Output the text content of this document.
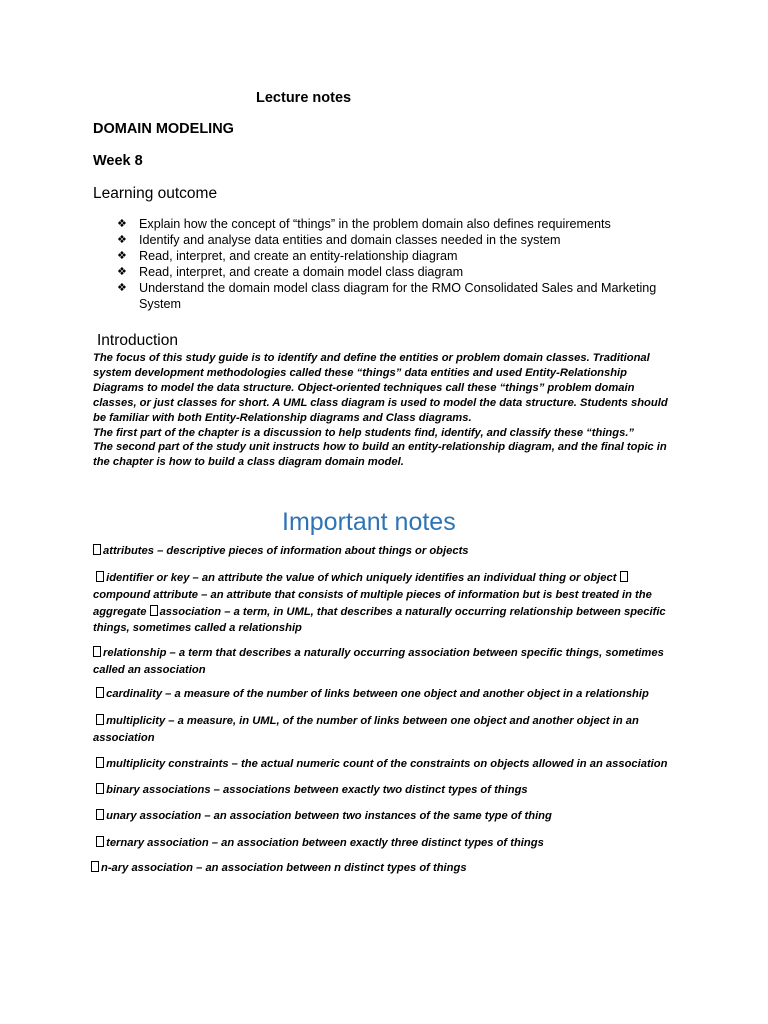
Lecture notes
DOMAIN MODELING
Week 8
Learning outcome
❖ Explain how the concept of “things” in the problem domain also defines requirements
❖ Identify and analyse data entities and domain classes needed in the system
❖ Read, interpret, and create an entity-relationship diagram
❖ Read, interpret, and create a domain model class diagram
❖ Understand the domain model class diagram for the RMO Consolidated Sales and Marketing System
Introduction
The focus of this study guide is to identify and define the entities or problem domain classes. Traditional system development methodologies called these “things” data entities and used Entity-Relationship Diagrams to model the data structure. Object-oriented techniques call these “things” problem domain classes, or just classes for short. A UML class diagram is used to model the data structure. Students should be familiar with both Entity-Relationship diagrams and Class diagrams.
The first part of the chapter is a discussion to help students find, identify, and classify these “things.”
The second part of the study unit instructs how to build an entity-relationship diagram, and the final topic in the chapter is how to build a class diagram domain model.
Important notes
attributes – descriptive pieces of information about things or objects
identifier or key – an attribute the value of which uniquely identifies an individual thing or object compound attribute – an attribute that consists of multiple pieces of information but is best treated in the aggregate association – a term, in UML, that describes a naturally occurring relationship between specific things, sometimes called a relationship
relationship – a term that describes a naturally occurring association between specific things, sometimes called an association
cardinality – a measure of the number of links between one object and another object in a relationship
multiplicity – a measure, in UML, of the number of links between one object and another object in an association
multiplicity constraints – the actual numeric count of the constraints on objects allowed in an association
binary associations – associations between exactly two distinct types of things
unary association – an association between two instances of the same type of thing
ternary association – an association between exactly three distinct types of things
n-ary association – an association between n distinct types of things
